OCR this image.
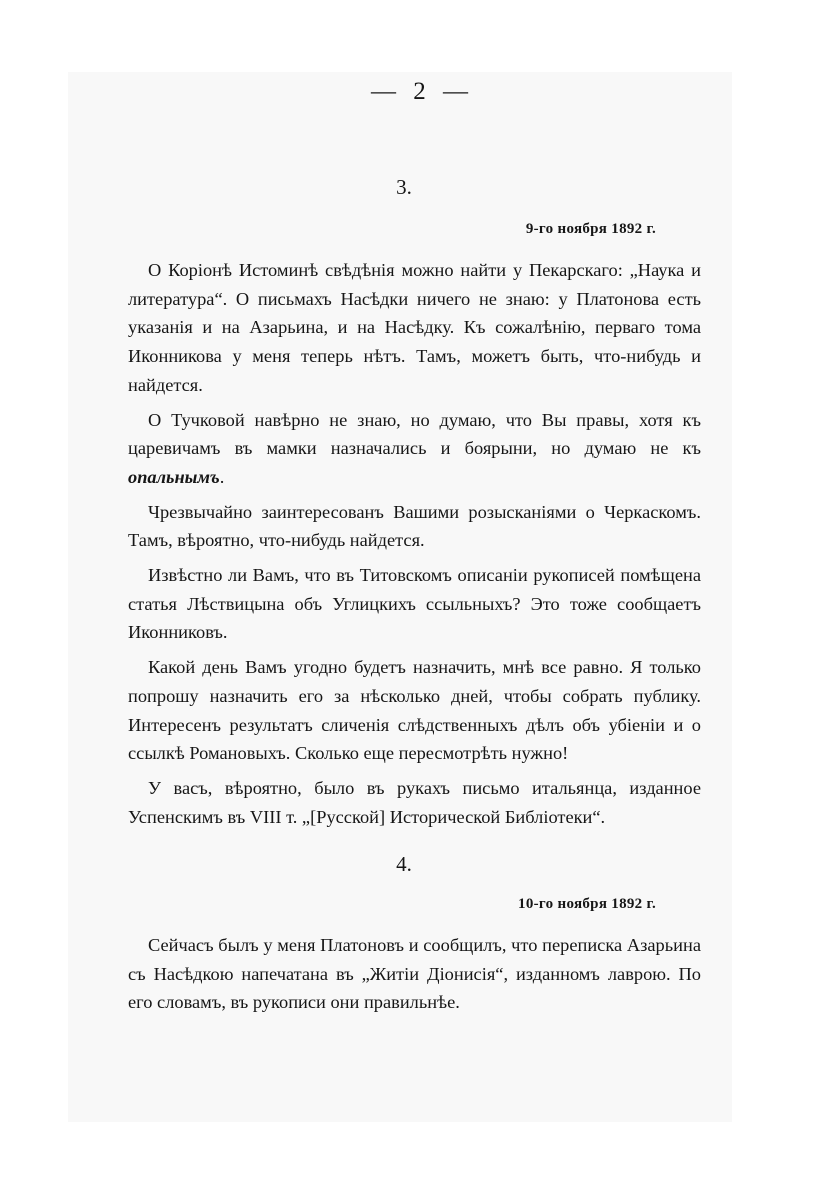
— 2 —
3.
9-го ноября 1892 г.

О Коріонѣ Истоминѣ свѣдѣнія можно найти у Пекарскаго: „Наука и литература“. О письмахъ Насѣдки ничего не знаю: у Платонова есть указанія и на Азарьина, и на Насѣдку. Къ сожалѣнію, перваго тома Иконникова у меня теперь нѣтъ. Тамъ, можетъ быть, что-нибудь и найдется.

О Тучковой навѣрно не знаю, но думаю, что Вы правы, хотя къ царевичамъ въ мамки назначались и боярыни, но думаю не къ опальнымъ.

Чрезвычайно заинтересованъ Вашими розысканіями о Черкаскомъ. Тамъ, вѣроятно, что-нибудь найдется.

Извѣстно ли Вамъ, что въ Титовскомъ описаніи рукописей помѣщена статья Лѣствицына объ Углицкихъ ссыльныхъ? Это тоже сообщаетъ Иконниковъ.

Какой день Вамъ угодно будетъ назначить, мнѣ все равно. Я только попрошу назначить его за нѣсколько дней, чтобы собрать публику. Интересенъ результатъ сличенія слѣдственныхъ дѣлъ объ убіеніи и о ссылкѣ Романовыхъ. Сколько еще пересмотрѣть нужно!

У васъ, вѣроятно, было въ рукахъ письмо итальянца, изданное Успенскимъ въ VIII т. „[Русской] Исторической Библіотеки“.

4.
10-го ноября 1892 г.

Сейчасъ былъ у меня Платоновъ и сообщилъ, что переписка Азарьина съ Насѣдкою напечатана въ „Житіи Діонисія“, изданномъ лаврою. По его словамъ, въ рукописи они правильнѣе.
